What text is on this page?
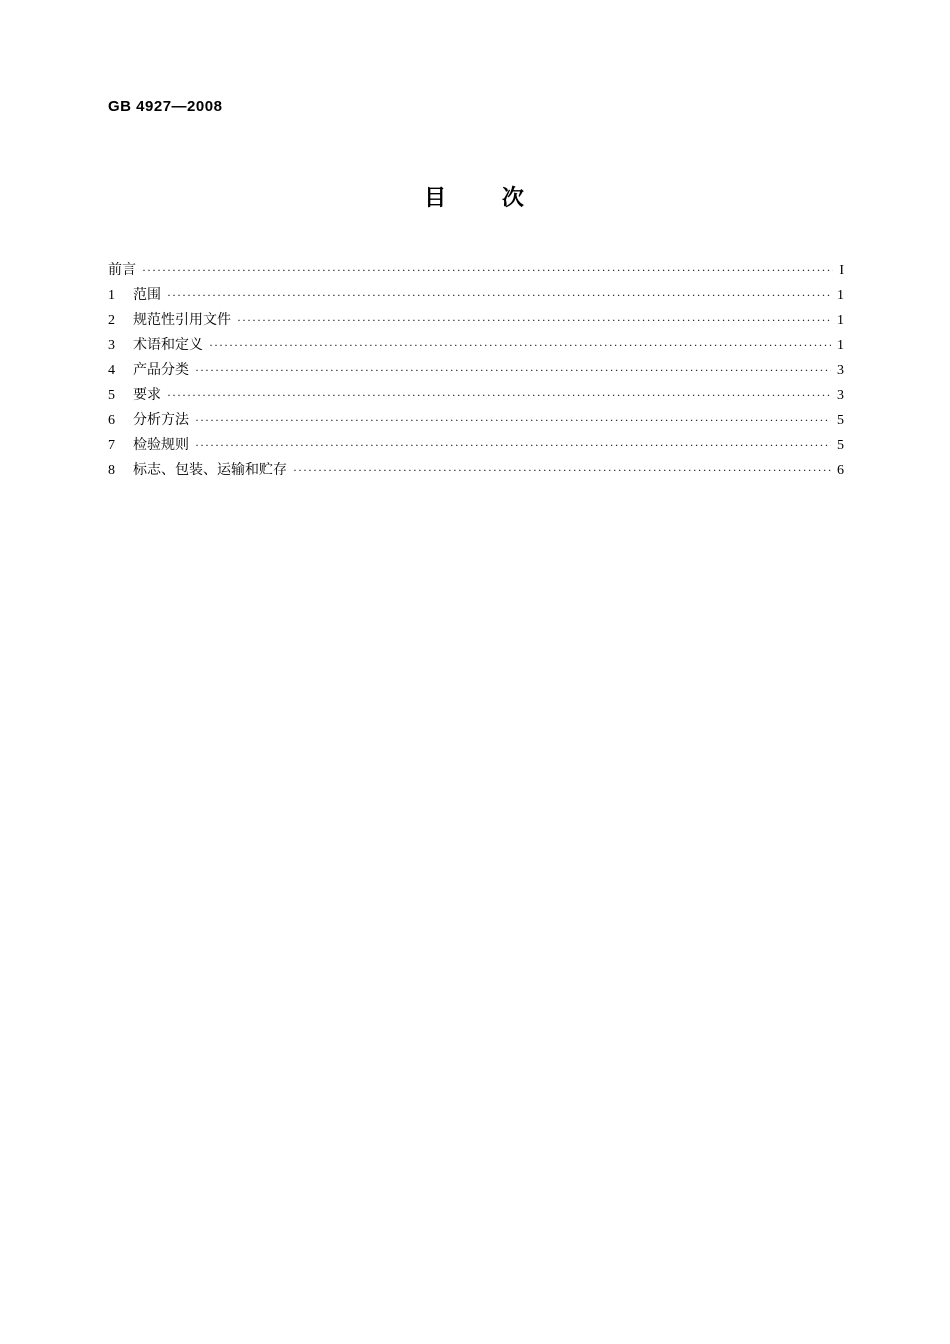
GB 4927—2008
目 次
前言 ·····	I
1	范围 ·····	1
2	规范性引用文件 ·····	1
3	术语和定义 ·····	1
4	产品分类 ·····	3
5	要求 ·····	3
6	分析方法 ·····	5
7	检验规则 ·····	5
8	标志、包装、运输和贮存 ·····	6
